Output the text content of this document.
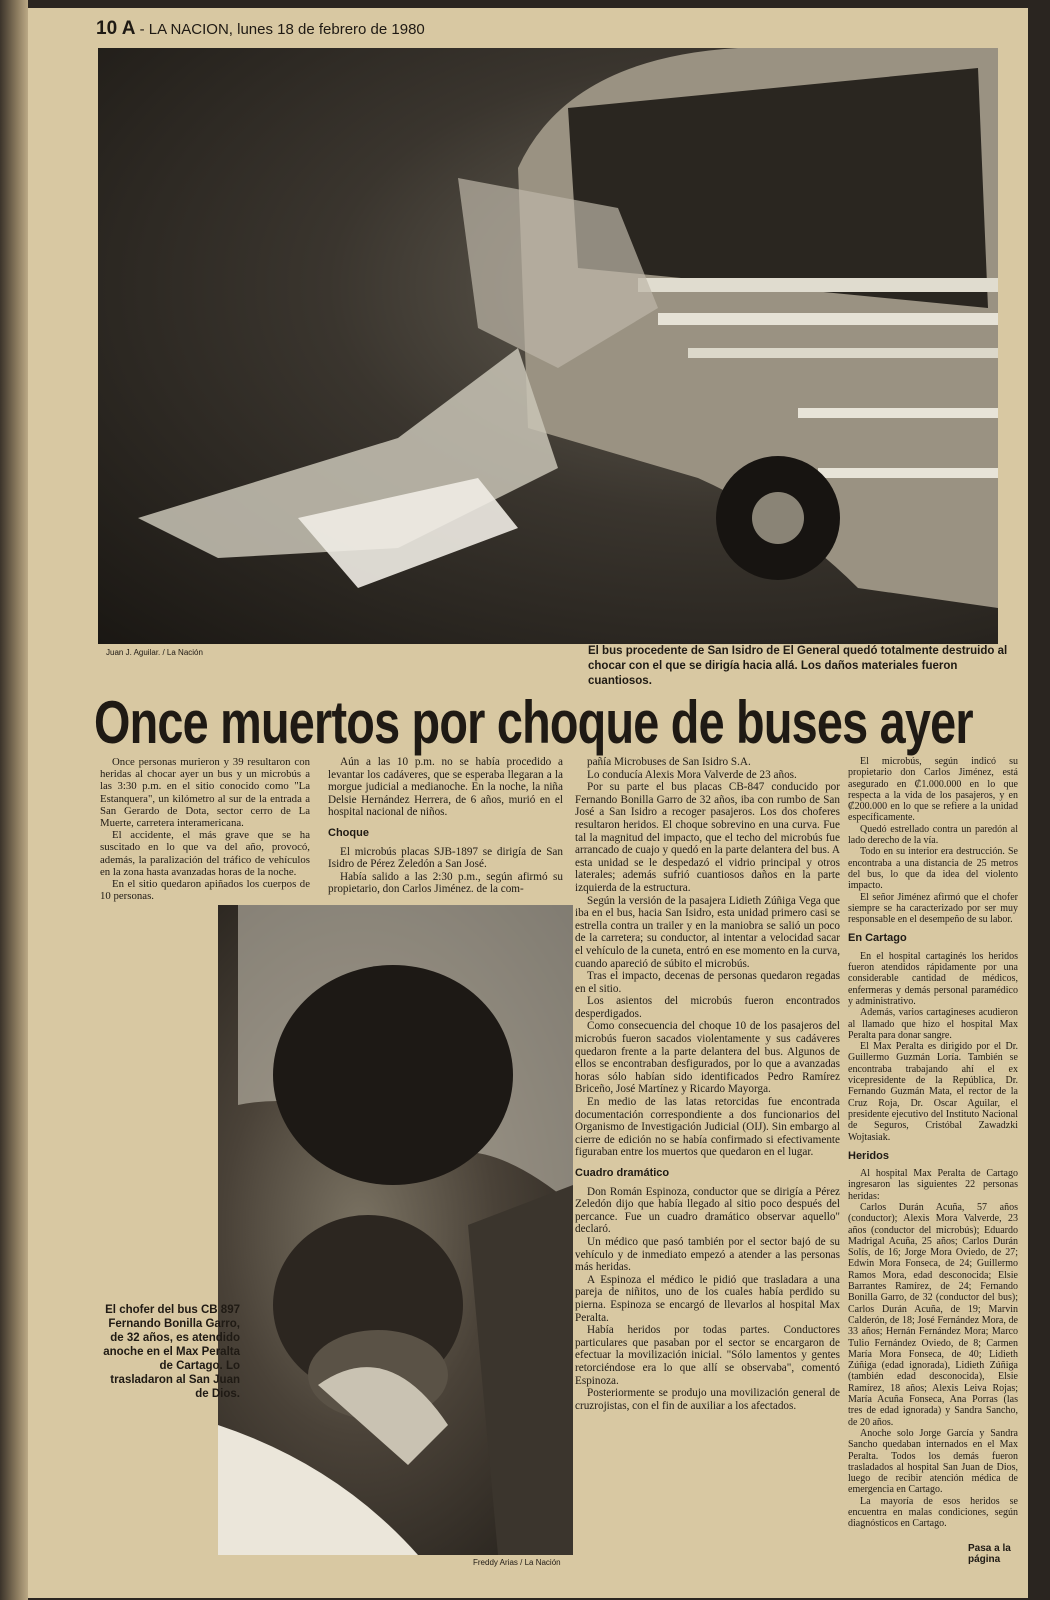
10 A - LA NACION, lunes 18 de febrero de 1980
Juan J. Aguilar. / La Nación	El bus procedente de San Isidro de El General quedó totalmente destruido al chocar con el que se dirigía hacia allá. Los daños materiales fueron cuantiosos.
Once muertos por choque de buses ayer

Once personas murieron y 39 resultaron con heridas al chocar ayer un bus y un microbús a las 3:30 p.m. en el sitio conocido como "La Estanquera", un kilómetro al sur de la entrada a San Gerardo de Dota, sector cerro de La Muerte, carretera interamericana.

El accidente, el más grave que se ha suscitado en lo que va del año, provocó, además, la paralización del tráfico de vehículos en la zona hasta avanzadas horas de la noche.

En el sitio quedaron apiñados los cuerpos de 10 personas.

Aún a las 10 p.m. no se había procedido a levantar los cadáveres, que se esperaba llegaran a la morgue judicial a medianoche. En la noche, la niña Delsie Hernández Herrera, de 6 años, murió en el hospital nacional de niños.

Choque

El microbús placas SJB-1897 se dirigía de San Isidro de Pérez Zeledón a San José.

Había salido a las 2:30 p.m., según afirmó su propietario, don Carlos Jiménez. de la com-

pañía Microbuses de San Isidro S.A.

Lo conducía Alexis Mora Valverde de 23 años.

Por su parte el bus placas CB-847 conducido por Fernando Bonilla Garro de 32 años, iba con rumbo de San José a San Isidro a recoger pasajeros. Los dos choferes resultaron heridos. El choque sobrevino en una curva. Fue tal la magnitud del impacto, que el techo del microbús fue arrancado de cuajo y quedó en la parte delantera del bus. A esta unidad se le despedazó el vidrio principal y otros laterales; además sufrió cuantiosos daños en la parte izquierda de la estructura.

Según la versión de la pasajera Lidieth Zúñiga Vega que iba en el bus, hacia San Isidro, esta unidad primero casi se estrella contra un trailer y en la maniobra se salió un poco de la carretera; su conductor, al intentar a velocidad sacar el vehículo de la cuneta, entró en ese momento en la curva, cuando apareció de súbito el microbús.

Tras el impacto, decenas de personas quedaron regadas en el sitio.

Los asientos del microbús fueron encontrados desperdigados.

Como consecuencia del choque 10 de los pasajeros del microbús fueron sacados violentamente y sus cadáveres quedaron frente a la parte delantera del bus. Algunos de ellos se encontraban desfigurados, por lo que a avanzadas horas sólo habían sido identificados Pedro Ramírez Briceño, José Martínez y Ricardo Mayorga.

En medio de las latas retorcidas fue encontrada documentación correspondiente a dos funcionarios del Organismo de Investigación Judicial (OIJ). Sin embargo al cierre de edición no se había confirmado si efectivamente figuraban entre los muertos que quedaron en el lugar.

Cuadro dramático

Don Román Espinoza, conductor que se dirigía a Pérez Zeledón dijo que había llegado al sitio poco después del percance. Fue un cuadro dramático observar aquello" declaró.

Un médico que pasó también por el sector bajó de su vehículo y de inmediato empezó a atender a las personas más heridas.

A Espinoza el médico le pidió que trasladara a una pareja de niñitos, uno de los cuales había perdido su pierna. Espinoza se encargó de llevarlos al hospital Max Peralta.

Había heridos por todas partes. Conductores particulares que pasaban por el sector se encargaron de efectuar la movilización inicial. "Sólo lamentos y gentes retorciéndose era lo que allí se observaba", comentó Espinoza.

Posteriormente se produjo una movilización general de cruzrojistas, con el fin de auxiliar a los afectados.

El microbús, según indicó su propietario don Carlos Jiménez, está asegurado en ₡1.000.000 en lo que respecta a la vida de los pasajeros, y en ₡200.000 en lo que se refiere a la unidad específicamente.

Quedó estrellado contra un paredón al lado derecho de la vía.

Todo en su interior era destrucción. Se encontraba a una distancia de 25 metros del bus, lo que da idea del violento impacto.

El señor Jiménez afirmó que el chofer siempre se ha caracterizado por ser muy responsable en el desempeño de su labor.

En Cartago

En el hospital cartaginés los heridos fueron atendidos rápidamente por una considerable cantidad de médicos, enfermeras y demás personal paramédico y administrativo.

Además, varios cartagineses acudieron al llamado que hizo el hospital Max Peralta para donar sangre.

El Max Peralta es dirigido por el Dr. Guillermo Guzmán Loría. También se encontraba trabajando ahí el ex vicepresidente de la República, Dr. Fernando Guzmán Mata, el rector de la Cruz Roja, Dr. Oscar Aguilar, el presidente ejecutivo del Instituto Nacional de Seguros, Cristóbal Zawadzki Wojtasiak.

Heridos

Al hospital Max Peralta de Cartago ingresaron las siguientes 22 personas heridas:

Carlos Durán Acuña, 57 años (conductor); Alexis Mora Valverde, 23 años (conductor del microbús); Eduardo Madrigal Acuña, 25 años; Carlos Durán Solís, de 16; Jorge Mora Oviedo, de 27; Edwin Mora Fonseca, de 24; Guillermo Ramos Mora, edad desconocida; Elsie Barrantes Ramírez, de 24; Fernando Bonilla Garro, de 32 (conductor del bus); Carlos Durán Acuña, de 19; Marvin Calderón, de 18; José Fernández Mora, de 33 años; Hernán Fernández Mora; Marco Tulio Fernández Oviedo, de 8; Carmen María Mora Fonseca, de 40; Lidieth Zúñiga (edad ignorada), Lidieth Zúñiga (también edad desconocida), Elsie Ramírez, 18 años; Alexis Leiva Rojas; María Acuña Fonseca, Ana Porras (las tres de edad ignorada) y Sandra Sancho, de 20 años.

Anoche solo Jorge García y Sandra Sancho quedaban internados en el Max Peralta. Todos los demás fueron trasladados al hospital San Juan de Dios, luego de recibir atención médica de emergencia en Cartago.

La mayoría de esos heridos se encuentra en malas condiciones, según diagnósticos en Cartago.

Freddy Arias / La Nación
El chofer del bus CB 897 Fernando Bonilla Garro, de 32 años, es atendido anoche en el Max Peralta de Cartago. Lo trasladaron al San Juan de Dios.
Pasa a la página
